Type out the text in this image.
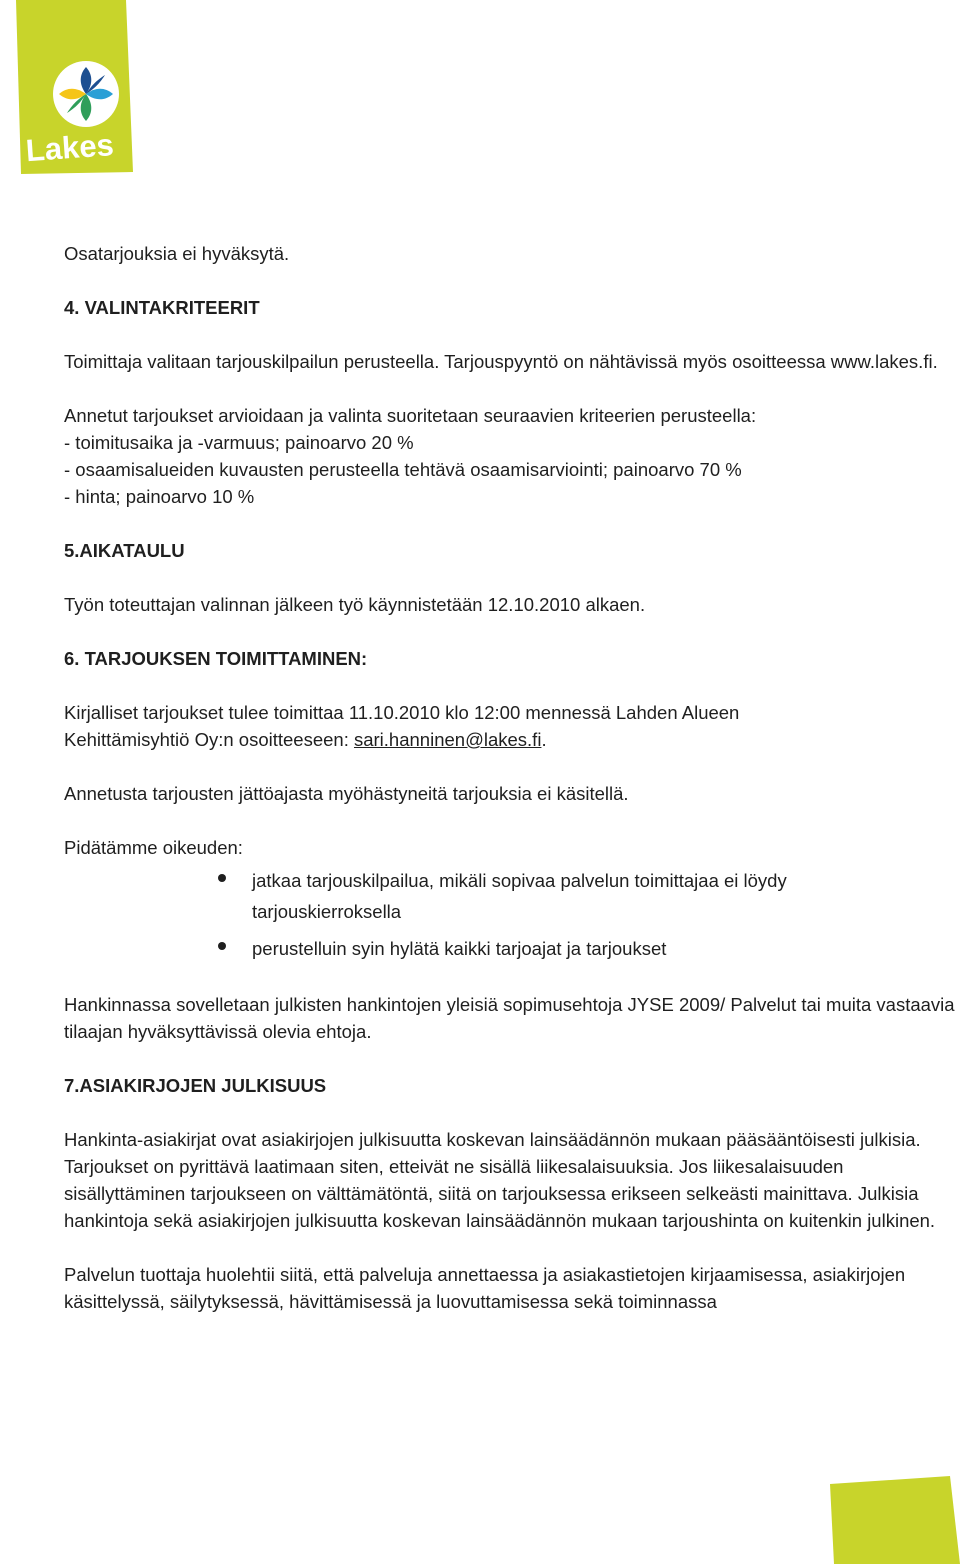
Lakes

Osatarjouksia ei hyväksytä.

4. VALINTAKRITEERIT

Toimittaja valitaan tarjouskilpailun perusteella. Tarjouspyyntö on nähtävissä myös osoitteessa www.lakes.fi.

Annetut tarjoukset arvioidaan ja valinta suoritetaan seuraavien kriteerien perusteella:

- toimitusaika ja -varmuus; painoarvo 20 %

- osaamisalueiden kuvausten perusteella tehtävä osaamisarviointi; painoarvo 70 %

- hinta; painoarvo 10 %

5.AIKATAULU

Työn toteuttajan valinnan jälkeen työ käynnistetään 12.10.2010 alkaen.

6. TARJOUKSEN TOIMITTAMINEN:

Kirjalliset tarjoukset tulee toimittaa 11.10.2010 klo 12:00 mennessä Lahden Alueen
Kehittämisyhtiö Oy:n osoitteeseen: sari.hanninen@lakes.fi.

Annetusta tarjousten jättöajasta myöhästyneitä tarjouksia ei käsitellä.

Pidätämme oikeuden:

jatkaa tarjouskilpailua, mikäli sopivaa palvelun toimittajaa ei löydy tarjouskierroksella
perustelluin syin hylätä kaikki tarjoajat ja tarjoukset

Hankinnassa sovelletaan julkisten hankintojen yleisiä sopimusehtoja JYSE 2009/ Palvelut tai muita vastaavia tilaajan hyväksyttävissä olevia ehtoja.

7.ASIAKIRJOJEN JULKISUUS

Hankinta-asiakirjat ovat asiakirjojen julkisuutta koskevan lainsäädännön mukaan pääsääntöisesti julkisia. Tarjoukset on pyrittävä laatimaan siten, etteivät ne sisällä liikesalaisuuksia. Jos liikesalaisuuden sisällyttäminen tarjoukseen on välttämätöntä, siitä on tarjouksessa erikseen selkeästi mainittava. Julkisia hankintoja sekä asiakirjojen julkisuutta koskevan lainsäädännön mukaan tarjoushinta on kuitenkin julkinen.

Palvelun tuottaja huolehtii siitä, että palveluja annettaessa ja asiakastietojen kirjaamisessa, asiakirjojen käsittelyssä, säilytyksessä, hävittämisessä ja luovuttamisessa sekä toiminnassa
